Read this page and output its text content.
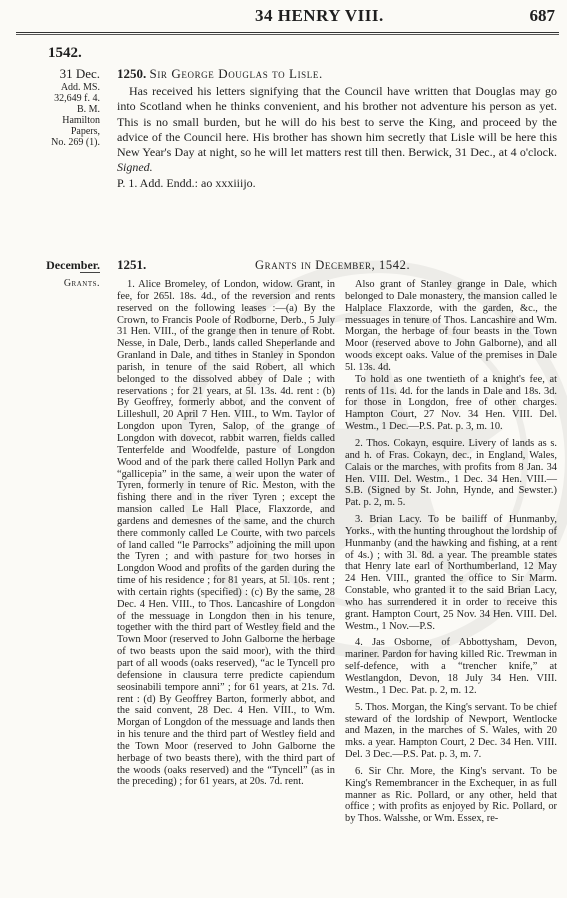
34 HENRY VIII.	687
1542.
31 Dec.
Add. MS.
32,649 f. 4.
B. M.
Hamilton
Papers,
No. 269 (1).
1250. Sir George Douglas to Lisle.
Has received his letters signifying that the Council have written that Douglas may go into Scotland when he thinks convenient, and his brother not adventure his person as yet. This is no small burden, but he will do his best to serve the King, and proceed by the advice of the Council here. His brother has shown him secretly that Lisle will be here this New Year's Day at night, so he will let matters rest till then. Berwick, 31 Dec., at 4 o'clock. Signed.
P. 1. Add. Endd.: ao xxxiiijo.
1251.	Grants in December, 1542.
December.
Grants.	1. Alice Bromeley, of London, widow. Grant, in fee, for 265l. 18s. 4d., of the reversion and rents reserved on the following leases :—(a) By the Crown, to Francis Poole of Rodborne, Derb., 5 July 31 Hen. VIII., of the grange then in tenure of Robt. Nesse, in Dale, Derb., lands called Sheperlande and Granland in Dale, and tithes in Stanley in Spondon parish, in tenure of the said Robert, all which belonged to the dissolved abbey of Dale ; with reservations ; for 21 years, at 5l. 13s. 4d. rent : (b) By Geoffrey, formerly abbot, and the convent of Lilleshull, 20 April 7 Hen. VIII., to Wm. Taylor of Longdon upon Tyren, Salop, of the grange of Longdon with dovecot, rabbit warren, fields called Tenterfelde and Woodfelde, pasture of Longdon Wood and of the park there called Hollyn Park and “gallicepia” in the same, a weir upon the water of Tyren, formerly in tenure of Ric. Meston, with the fishing there and in the river Tyren ; except the mansion called Le Hall Place, Flaxzorde, and gardens and demesnes of the same, and the church there commonly called Le Courte, with two parcels of land called “le Parrocks” adjoining the mill upon the Tyren ; and with pasture for two horses in Longdon Wood and profits of the garden during the time of his residence ; for 81 years, at 5l. 10s. rent ; with certain rights (specified) : (c) By the same, 28 Dec. 4 Hen. VIII., to Thos. Lancashire of Longdon of the messuage in Longdon then in his tenure, together with the third part of Westley field and the Town Moor (reserved to John Galborne the herbage of two beasts upon the said moor), with the third part of all woods (oaks reserved), “ac le Tyncell pro defensione in clausura terre predicte capiendum seosinabili tempore anni” ; for 61 years, at 21s. 7d. rent : (d) By Geoffrey Barton, formerly abbot, and the said convent, 28 Dec. 4 Hen. VIII., to Wm. Morgan of Longdon of the messuage and lands then in his tenure and the third part of Westley field and the Town Moor (reserved to John Galborne the herbage of two beasts there), with the third part of the woods (oaks reserved) and the “Tyncell” (as in the preceding) ; for 61 years, at 20s. 7d. rent.

Also grant of Stanley grange in Dale, which belonged to Dale monastery, the mansion called le Halplace Flaxzorde, with the garden, &c., the messuages in tenure of Thos. Lancashire and Wm. Morgan, the herbage of four beasts in the Town Moor (reserved above to John Galborne), and all woods except oaks. Value of the premises in Dale 5l. 13s. 4d.

To hold as one twentieth of a knight's fee, at rents of 11s. 4d. for the lands in Dale and 18s. 3d. for those in Longdon, free of other charges. Hampton Court, 27 Nov. 34 Hen. VIII. Del. Westm., 1 Dec.—P.S. Pat. p. 3, m. 10.

2. Thos. Cokayn, esquire. Livery of lands as s. and h. of Fras. Cokayn, dec., in England, Wales, Calais or the marches, with profits from 8 Jan. 34 Hen. VIII. Del. Westm., 1 Dec. 34 Hen. VIII.—S.B. (Signed by St. John, Hynde, and Sewster.) Pat. p. 2, m. 5.

3. Brian Lacy. To be bailiff of Hunmanby, Yorks., with the hunting throughout the lordship of Hunmanby (and the hawking and fishing, at a rent of 4s.) ; with 3l. 8d. a year. The preamble states that Henry late earl of Northumberland, 12 May 24 Hen. VIII., granted the office to Sir Marm. Constable, who granted it to the said Brian Lacy, who has surrendered it in order to receive this grant. Hampton Court, 25 Nov. 34 Hen. VIII. Del. Westm., 1 Nov.—P.S.

4. Jas Osborne, of Abbottysham, Devon, mariner. Pardon for having killed Ric. Trewman in self-defence, with a “trencher knife,” at Westlangdon, Devon, 18 July 34 Hen. VIII. Westm., 1 Dec. Pat. p. 2, m. 12.

5. Thos. Morgan, the King's servant. To be chief steward of the lordship of Newport, Wentlocke and Mazen, in the marches of S. Wales, with 20 mks. a year. Hampton Court, 2 Dec. 34 Hen. VIII. Del. 3 Dec.—P.S. Pat. p. 3, m. 7.

6. Sir Chr. More, the King's servant. To be King's Remembrancer in the Exchequer, in as full manner as Ric. Pollard, or any other, held that office ; with profits as enjoyed by Ric. Pollard, or by Thos. Walsshe, or Wm. Essex, re-
